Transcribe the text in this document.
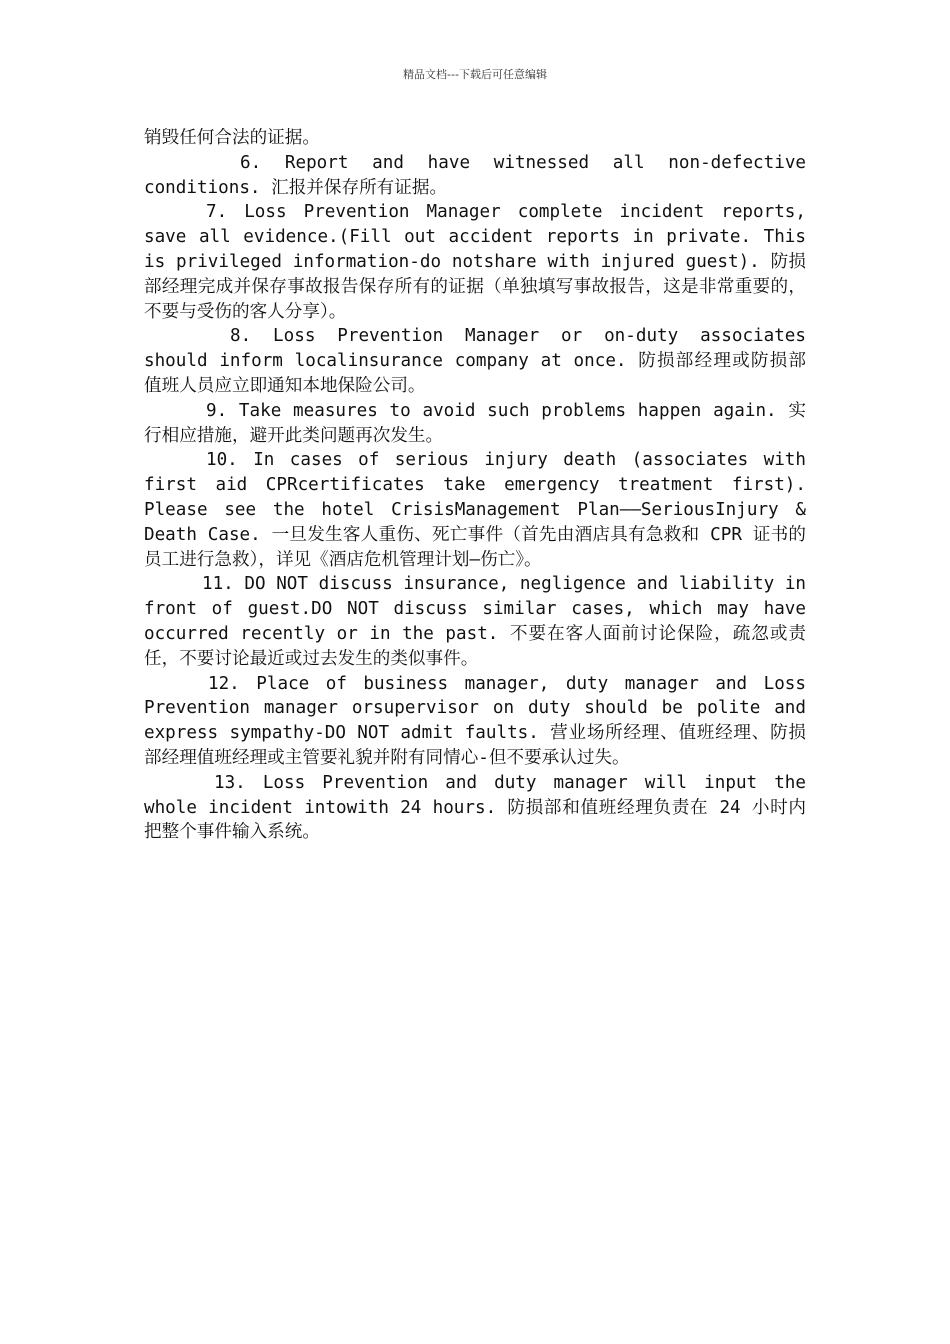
精品文档---下载后可任意编辑

销毁任何合法的证据。

6. Report and have witnessed all non-defective conditions. 汇报并保存所有证据。

7. Loss Prevention Manager complete incident reports, save all evidence.(Fill out accident reports in private. This is privileged information-do notshare with injured guest). 防损部经理完成并保存事故报告保存所有的证据（单独填写事故报告，这是非常重要的，不要与受伤的客人分享）。

8. Loss Prevention Manager or on-duty associates should inform localinsurance company at once. 防损部经理或防损部值班人员应立即通知本地保险公司。

9. Take measures to avoid such problems happen again. 实行相应措施，避开此类问题再次发生。

10. In cases of serious injury death (associates with first aid CPRcertificates take emergency treatment first). Please see the hotel CrisisManagement Plan——SeriousInjury & Death Case. 一旦发生客人重伤、死亡事件（首先由酒店具有急救和 CPR 证书的员工进行急救），详见《酒店危机管理计划—伤亡》。

11. DO NOT discuss insurance, negligence and liability in front of guest.DO NOT discuss similar cases, which may have occurred recently or in the past. 不要在客人面前讨论保险，疏忽或责任，不要讨论最近或过去发生的类似事件。

12. Place of business manager, duty manager and Loss Prevention manager orsupervisor on duty should be polite and express sympathy-DO NOT admit faults. 营业场所经理、值班经理、防损部经理值班经理或主管要礼貌并附有同情心-但不要承认过失。

13. Loss Prevention and duty manager will input the whole incident intowith 24 hours. 防损部和值班经理负责在 24 小时内把整个事件输入系统。
